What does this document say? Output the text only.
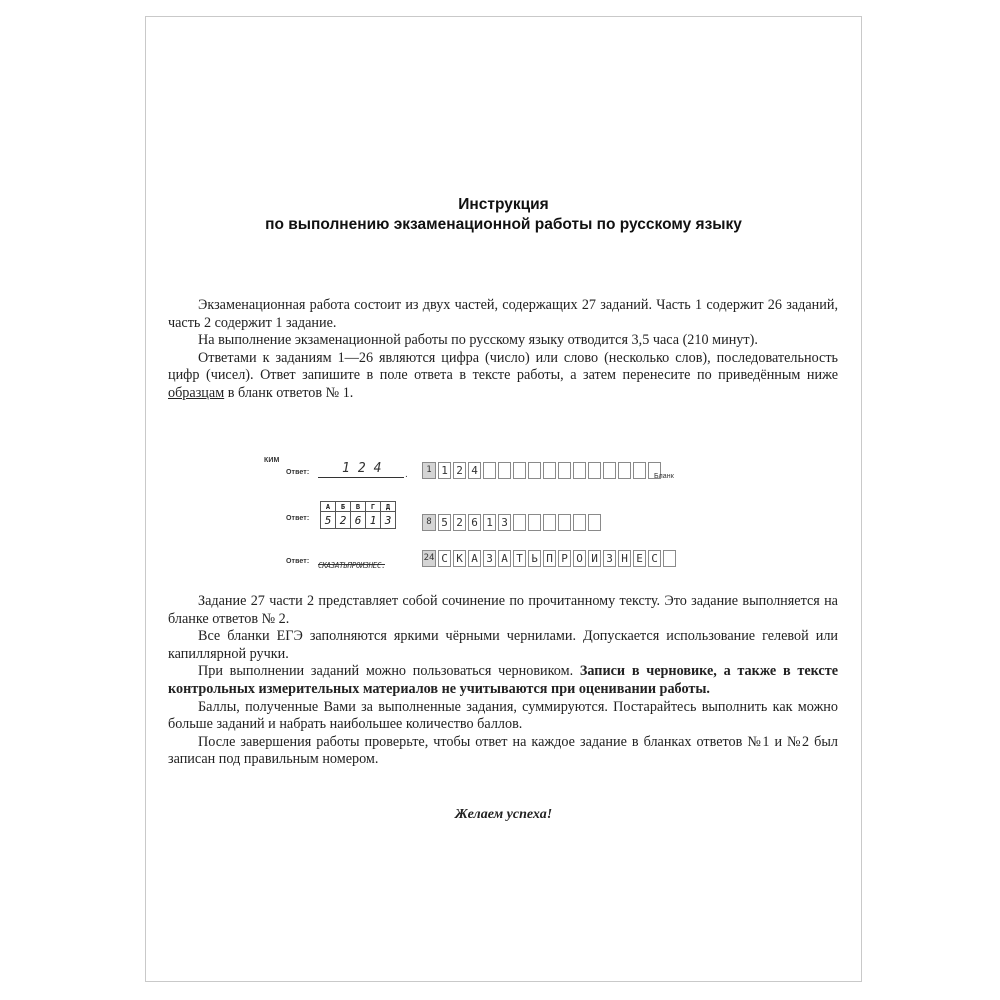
Инструкция
по выполнению экзаменационной работы по русскому языку

Экзаменационная работа состоит из двух частей, содержащих 27 заданий. Часть 1 содержит 26 заданий, часть 2 содержит 1 задание.

На выполнение экзаменационной работы по русскому языку отводится 3,5 часа (210 минут).

Ответами к заданиям 1—26 являются цифра (число) или слово (несколько слов), последовательность цифр (чисел). Ответ запишите в поле ответа в тексте работы, а затем перенесите по приведённым ниже образцам в бланк ответов № 1.

КИМ
Ответ:	124 .	1 1 2 4	Бланк
Ответ:
А	Б	В	Г	Д
5	2	6	1	3	8 5 2 6 1 3
Ответ: $_{СКАЗАТЬПРОИЗНЕС.}$
24 С К А З А Т Ь П Р О И З Н Е С

Задание 27 части 2 представляет собой сочинение по прочитанному тексту. Это задание выполняется на бланке ответов № 2.

Все бланки ЕГЭ заполняются яркими чёрными чернилами. Допускается использование гелевой или капиллярной ручки.

При выполнении заданий можно пользоваться черновиком. Записи в черновике, а также в тексте контрольных измерительных материалов не учитываются при оценивании работы.

Баллы, полученные Вами за выполненные задания, суммируются. Постарайтесь выполнить как можно больше заданий и набрать наибольшее количество баллов.

После завершения работы проверьте, чтобы ответ на каждое задание в бланках ответов №1 и №2 был записан под правильным номером.

Желаем успеха!
